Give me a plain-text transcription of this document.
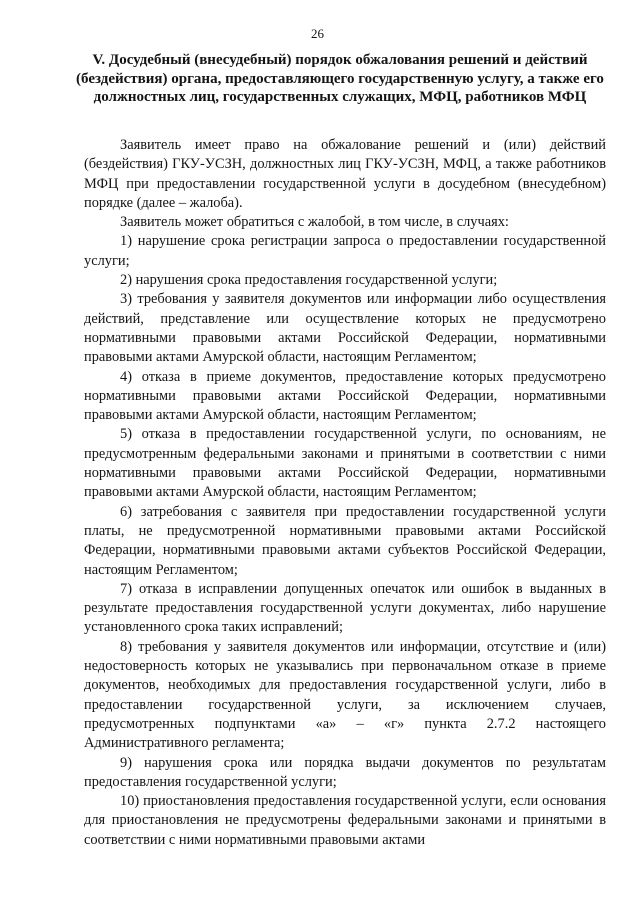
26
V. Досудебный (внесудебный) порядок обжалования решений и действий (бездействия) органа, предоставляющего государственную услугу, а также его должностных лиц, государственных служащих, МФЦ, работников МФЦ

Заявитель имеет право на обжалование решений и (или) действий (бездействия) ГКУ-УСЗН, должностных лиц ГКУ-УСЗН, МФЦ, а также работников МФЦ при предоставлении государственной услуги в досудебном (внесудебном) порядке (далее – жалоба).

Заявитель может обратиться с жалобой, в том числе, в случаях:

1) нарушение срока регистрации запроса о предоставлении государственной услуги;

2) нарушения срока предоставления государственной услуги;

3) требования у заявителя документов или информации либо осуществления действий, представление или осуществление которых не предусмотрено нормативными правовыми актами Российской Федерации, нормативными правовыми актами Амурской области, настоящим Регламентом;

4) отказа в приеме документов, предоставление которых предусмотрено нормативными правовыми актами Российской Федерации, нормативными правовыми актами Амурской области, настоящим Регламентом;

5) отказа в предоставлении государственной услуги, по основаниям, не предусмотренным федеральными законами и принятыми в соответствии с ними нормативными правовыми актами Российской Федерации, нормативными правовыми актами Амурской области, настоящим Регламентом;

6) затребования с заявителя при предоставлении государственной услуги платы, не предусмотренной нормативными правовыми актами Российской Федерации, нормативными правовыми актами субъектов Российской Федерации, настоящим Регламентом;

7) отказа в исправлении допущенных опечаток или ошибок в выданных в результате предоставления государственной услуги документах, либо нарушение установленного срока таких исправлений;

8) требования у заявителя документов или информации, отсутствие и (или) недостоверность которых не указывались при первоначальном отказе в приеме документов, необходимых для предоставления государственной услуги, либо в предоставлении государственной услуги, за исключением случаев, предусмотренных подпунктами «а» – «г» пункта 2.7.2 настоящего Административного регламента;

9) нарушения срока или порядка выдачи документов по результатам предоставления государственной услуги;

10) приостановления предоставления государственной услуги, если основания для приостановления не предусмотрены федеральными законами и принятыми в соответствии с ними нормативными правовыми актами
